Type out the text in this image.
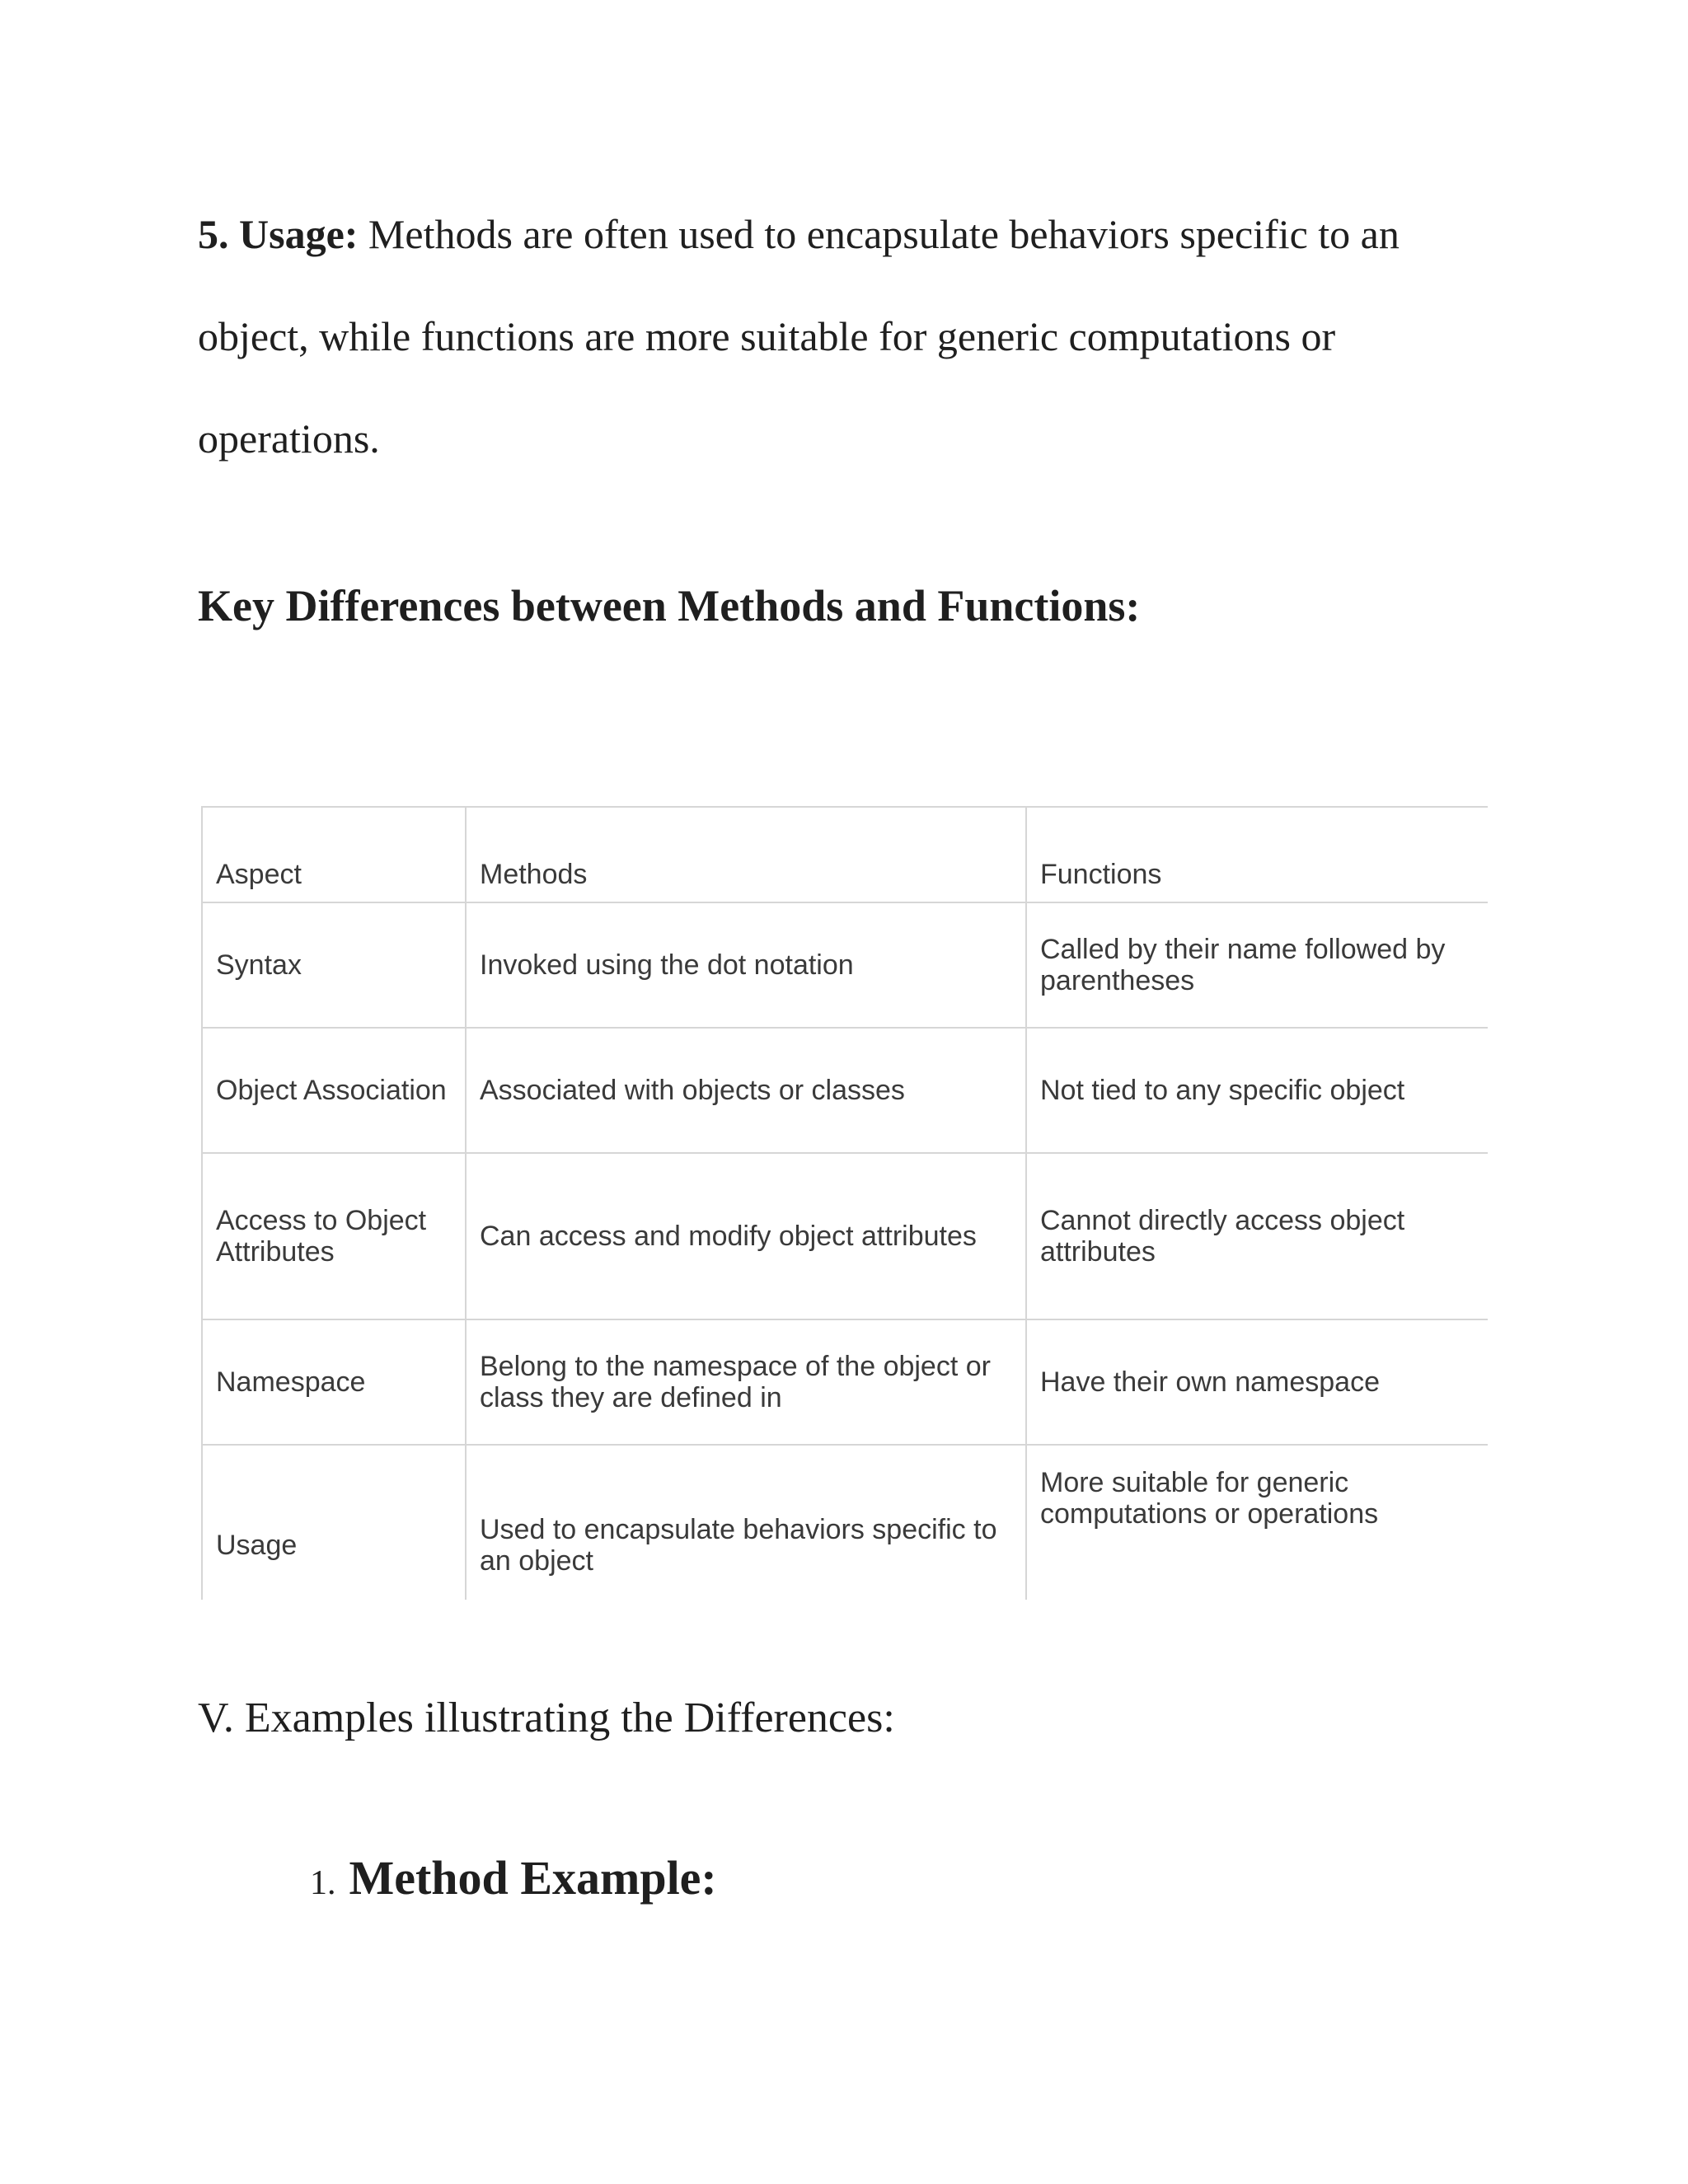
5. Usage: Methods are often used to encapsulate behaviors specific to an object, while functions are more suitable for generic computations or operations.

Key Differences between Methods and Functions:
Aspect	Methods	Functions
Syntax	Invoked using the dot notation	Called by their name followed by parentheses
Object Association	Associated with objects or classes	Not tied to any specific object
Access to Object Attributes	Can access and modify object attributes	Cannot directly access object attributes
Namespace	Belong to the namespace of the object or class they are defined in	Have their own namespace
Usage	Used to encapsulate behaviors specific to an object	More suitable for generic computations or operations
V. Examples illustrating the Differences:

1. Method Example:
